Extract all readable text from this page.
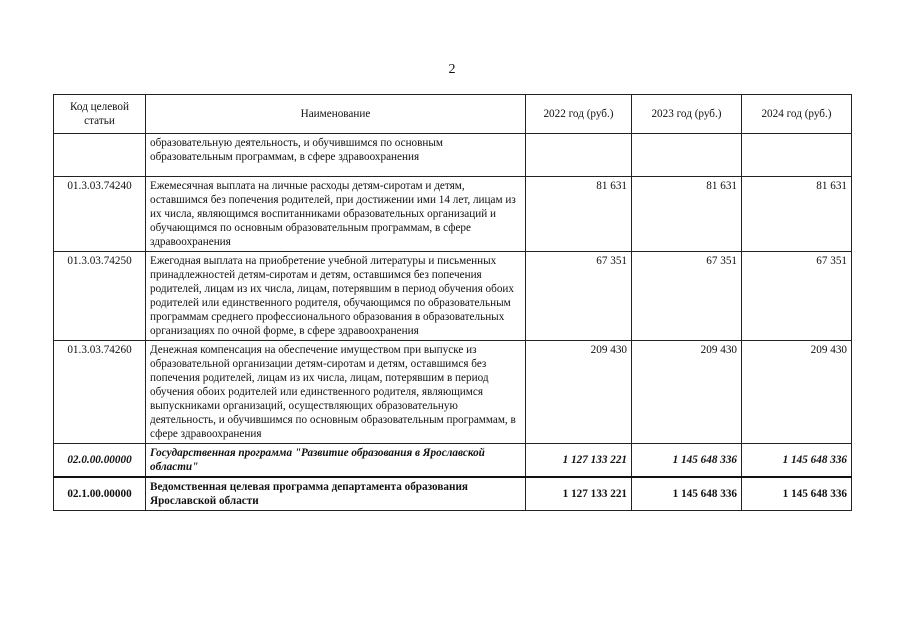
2
Код целевой статьи	Наименование	2022 год (руб.)	2023 год (руб.)	2024 год (руб.)
	образовательную деятельность, и обучившимся по основным образовательным программам, в сфере здравоохранения			
01.3.03.74240	Ежемесячная выплата на личные расходы детям-сиротам и детям, оставшимся без попечения родителей, при достижении ими 14 лет, лицам из их числа, являющимся воспитанниками образовательных организаций и обучающимся по основным образовательным программам, в сфере здравоохранения	81 631	81 631	81 631
01.3.03.74250	Ежегодная выплата на приобретение учебной литературы и письменных принадлежностей детям-сиротам и детям, оставшимся без попечения родителей, лицам из их числа, лицам, потерявшим в период обучения обоих родителей или единственного родителя, обучающимся по образовательным программам среднего профессионального образования в образовательных организациях по очной форме, в сфере здравоохранения	67 351	67 351	67 351
01.3.03.74260	Денежная компенсация на обеспечение имуществом при выпуске из образовательной организации детям-сиротам и детям, оставшимся без попечения родителей, лицам из их числа, лицам, потерявшим в период обучения обоих родителей или единственного родителя, являющимся выпускниками организаций, осуществляющих образовательную деятельность, и обучившимся по основным образовательным программам, в сфере здравоохранения	209 430	209 430	209 430
02.0.00.00000	Государственная программа "Развитие образования в Ярославской области"	1 127 133 221	1 145 648 336	1 145 648 336
02.1.00.00000	Ведомственная целевая программа департамента образования Ярославской области	1 127 133 221	1 145 648 336	1 145 648 336
